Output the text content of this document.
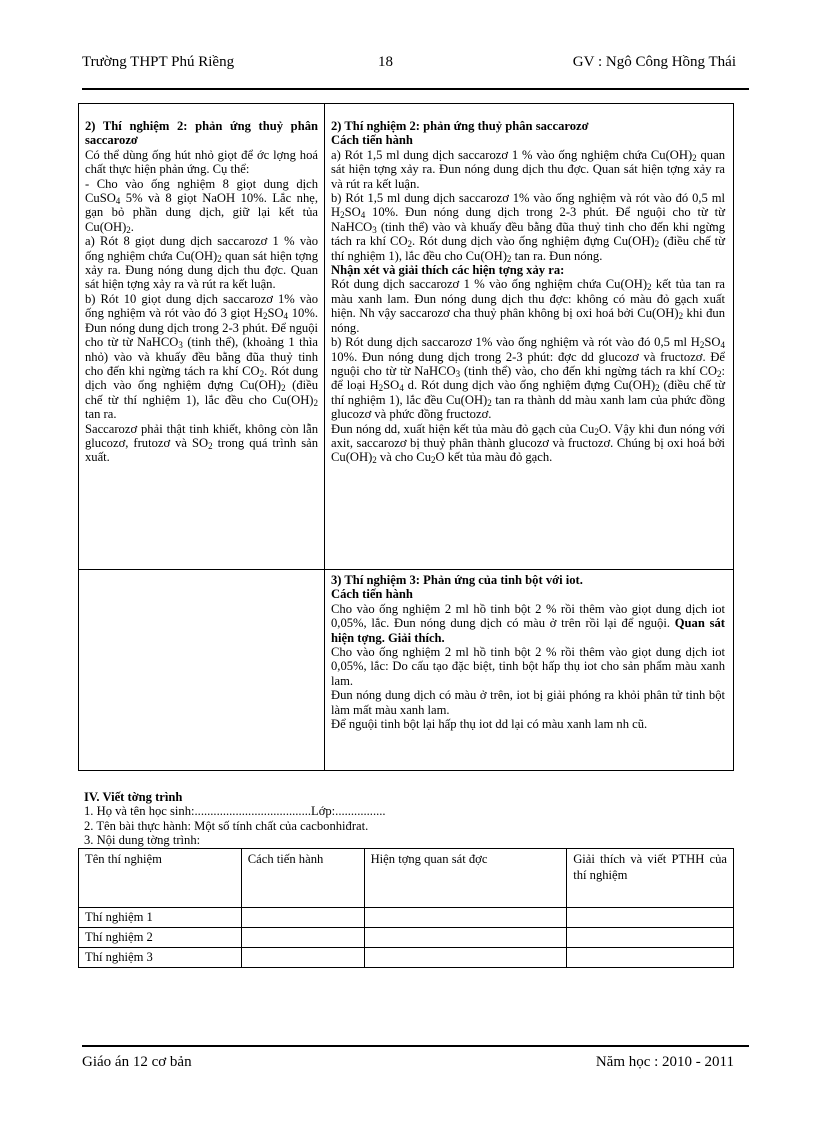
Trường THPT Phú Riềng	18	GV : Ngô Công Hồng Thái

2) Thí nghiệm 2: phản ứng thuỷ phân saccarozơ

Có thể dùng ống hút nhỏ giọt để ớc lợng hoá chất thực hiện phản ứng. Cụ thể:

- Cho vào ống nghiệm 8 giọt dung dịch CuSO$_4$ 5% và 8 giọt NaOH 10%. Lắc nhẹ, gạn bỏ phần dung dịch, giữ lại kết tủa $Cu(OH)_2$.

a) Rót 8 giọt dung dịch saccarozơ 1 % vào ống nghiệm chứa $Cu(OH)_2$ quan sát hiện tợng xảy ra. Đung nóng dung dịch thu đợc. Quan sát hiện tợng xảy ra và rút ra kết luận.

b) Rót 10 giọt dung dịch saccarozơ 1% vào ống nghiệm và rót vào đó 3 giọt $H_2SO_4$ 10%. Đun nóng dung dịch trong 2-3 phút. Để nguội cho từ từ NaHCO$_3$ (tinh thể), (khoảng 1 thìa nhỏ) vào và khuấy đều bằng đũa thuỷ tinh cho đến khi ngừng tách ra khí $CO_2$. Rót dung dịch vào ống nghiệm đựng $Cu(OH)_2$ (điều chế từ thí nghiệm 1), lắc đều cho $Cu(OH)_2$ tan ra.

Saccarozơ phải thật tinh khiết, không còn lẫn glucozơ, frutozơ và $SO_2$ trong quá trình sản xuất.

2) Thí nghiệm 2: phản ứng thuỷ phân saccarozơ

Cách tiến hành

a) Rót 1,5 ml dung dịch saccarozơ 1 % vào ống nghiệm chứa $Cu(OH)_2$ quan sát hiện tợng xảy ra. Đun nóng dung dịch thu đợc. Quan sát hiện tợng xảy ra và rút ra kết luận.

b) Rót 1,5 ml dung dịch saccarozơ 1% vào ống nghiệm và rót vào đó 0,5 ml $H_2SO_4$ 10%. Đun nóng dung dịch trong 2-3 phút. Để nguội cho từ từ NaHCO$_3$ (tinh thể) vào và khuấy đều bằng đũa thuỷ tinh cho đến khi ngừng tách ra khí $CO_2$. Rót dung dịch vào ống nghiệm đựng $Cu(OH)_2$ (điều chế từ thí nghiệm 1), lắc đều cho $Cu(OH)_2$ tan ra. Đun nóng.

Nhận xét và giải thích các hiện tợng xảy ra:

Rót dung dịch saccarozơ 1 % vào ống nghiệm chứa $Cu(OH)_2$ kết tủa tan ra màu xanh lam. Đun nóng dung dịch thu đợc: không có màu đỏ gạch xuất hiện. Nh vậy saccarozơ cha thuỷ phân không bị oxi hoá bởi $Cu(OH)_2$ khi đun nóng.

b) Rót dung dịch saccarozơ 1% vào ống nghiệm và rót vào đó 0,5 ml $H_2SO_4$ 10%. Đun nóng dung dịch trong 2-3 phút: đợc dd glucozơ và fructozơ. Để nguội cho từ từ NaHCO$_3$ (tinh thể) vào, cho đến khi ngừng tách ra khí $CO_2$: để loại $H_2SO_4$ d. Rót dung dịch vào ống nghiệm đựng $Cu(OH)_2$ (điều chế từ thí nghiệm 1), lắc đều $Cu(OH)_2$ tan ra thành dd màu xanh lam của phức đồng glucozơ và phức đồng fructozơ.

Đun nóng dd, xuất hiện kết tủa màu đỏ gạch của $Cu_2O$. Vậy khi đun nóng với axit, saccarozơ bị thuỷ phân thành glucozơ và fructozơ. Chúng bị oxi hoá bởi $Cu(OH)_2$ và cho $Cu_2O$ kết tủa màu đỏ gạch.

3) Thí nghiệm 3: Phản ứng của tinh bột với iot.

Cách tiến hành

Cho vào ống nghiệm 2 ml hồ tinh bột 2 % rồi thêm vào giọt dung dịch iot 0,05%, lắc. Đun nóng dung dịch có màu ở trên rồi lại để nguội. Quan sát hiện tợng. Giải thích.

Cho vào ống nghiệm 2 ml hồ tinh bột 2 % rồi thêm vào giọt dung dịch iot 0,05%, lắc: Do cấu tạo đặc biệt, tinh bột hấp thụ iot cho sản phẩm màu xanh lam.

Đun nóng dung dịch có màu ở trên, iot bị giải phóng ra khỏi phân tử tinh bột làm mất màu xanh lam.

Để nguội tinh bột lại hấp thụ iot dd lại có màu xanh lam nh cũ.

IV. Viết tờng trình

1. Họ và tên học sinh:.....................................Lớp:................

2. Tên bài thực hành: Một số tính chất của cacbonhiđrat.

3. Nội dung tờng trình:

Tên thí nghiệm	Cách tiến hành	Hiện tợng quan sát đợc	Giải thích và viết PTHH của thí nghiệm
Thí nghiệm 1			
Thí nghiệm 2			
Thí nghiệm 3			
Giáo án 12 cơ bản	Năm học : 2010 - 2011
